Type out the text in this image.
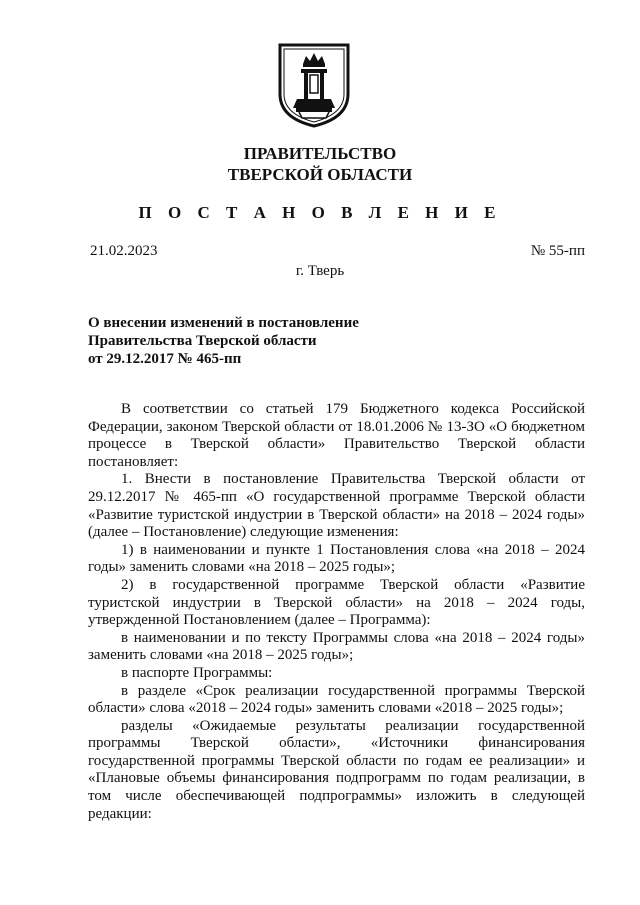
ПРАВИТЕЛЬСТВО
ТВЕРСКОЙ ОБЛАСТИ
П О С Т А Н О В Л Е Н И Е
21.02.2023	№ 55-пп
г. Тверь
О внесении изменений в постановление
Правительства Тверской области
от 29.12.2017 № 465-пп

В соответствии со статьей 179 Бюджетного кодекса Российской Федерации, законом Тверской области от 18.01.2006 № 13-ЗО «О бюджетном процессе в Тверской области» Правительство Тверской области постановляет:

1. Внести в постановление Правительства Тверской области от 29.12.2017 № 465-пп «О государственной программе Тверской области «Развитие туристской индустрии в Тверской области» на 2018 – 2024 годы» (далее – Постановление) следующие изменения:

1) в наименовании и пункте 1 Постановления слова «на 2018 – 2024 годы» заменить словами «на 2018 – 2025 годы»;

2) в государственной программе Тверской области «Развитие туристской индустрии в Тверской области» на 2018 – 2024 годы, утвержденной Постановлением (далее – Программа):

в наименовании и по тексту Программы слова «на 2018 – 2024 годы» заменить словами «на 2018 – 2025 годы»;

в паспорте Программы:

в разделе «Срок реализации государственной программы Тверской области» слова «2018 – 2024 годы» заменить словами «2018 – 2025 годы»;

разделы «Ожидаемые результаты реализации государственной программы Тверской области», «Источники финансирования государственной программы Тверской области по годам ее реализации» и «Плановые объемы финансирования подпрограмм по годам реализации, в том числе обеспечивающей подпрограммы» изложить в следующей редакции:
